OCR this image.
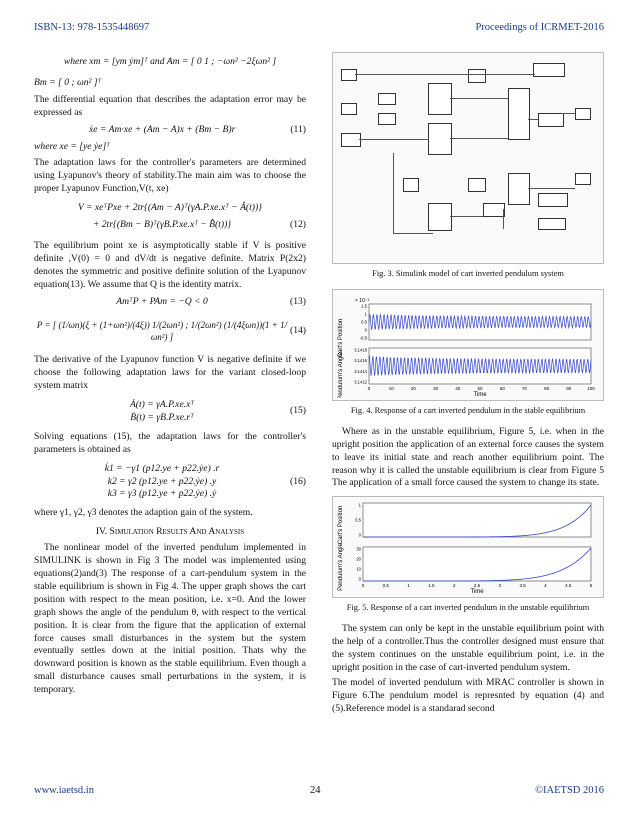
ISBN-13: 978-1535448697	Proceedings of ICRMET-2016
where xm = [ym ẏm]ᵀ and Am = [ 0 1 ; −ωn² −2ξωn² ]
Bm = [ 0 ; ωn² ]ᵀ

The differential equation that describes the adaptation error may be expressed as

ẋe = Am·xe + (Am − A)x + (Bm − B)r	(11)
where xe = [ye ẏe]ᵀ

The adaptation laws for the controller's parameters are determined using Lyapunov's theory of stability.The main aim was to choose the proper Lyapunov Function,V(t, xe)

V = xeᵀPxe + 2tr{(Am − A)ᵀ(γA.P.xe.xᵀ − Â(t))}
+ 2tr{(Bm − B)ᵀ(γB.P.xe.xᵀ − B̂(t))}	(12)

The equilibrium point xe is asymptotically stable if V is positive definite ,V(0) = 0 and dV/dt is negative definite. Matrix P(2x2) denotes the symmetric and positive definite solution of the Lyapunov equation(13). We assume that Q is the identity matrix.

AmᵀP + PAm = −Q < 0	(13)
P = [ (1/ωn)(ξ + (1+ωn²)/(4ξ)) 1/(2ωn²) ; 1/(2ωn²) (1/(4ξωn))(1 + 1/ωn²) ]
(14)

The derivative of the Lyapunov function V is negative definite if we choose the following adaptation laws for the variant closed-loop system matrix

Ȧ(t) = γA.P.xe.xᵀ
Ḃ(t) = γB.P.xe.rᵀ
(15)

Solving equations (15), the adaptation laws for the controller's parameters is obtained as

k̇1 = −γ1 (p12.ye + p22.ẏe) .r
k2 = γ2 (p12.ye + p22.ẏe) .y
k3 = γ3 (p12.ye + p22.ẏe) .ẏ
(16)

where γ1, γ2, γ3 denotes the adaption gain of the system.

IV. Simulation Results And Analysis

The nonlinear model of the inverted pendulum implemented in SIMULINK is shown in Fig 3 The model was implemented using equations(2)and(3) The response of a cart-pendulum system in the stable equilibrium is shown in Fig 4. The upper graph shows the cart position with respect to the mean position, i.e. x=0. And the lower graph shows the angle of the pendulum θ, with respect to the vertical position. It is clear from the figure that the application of external force causes small disturbances in the system but the system eventually settles down at the initial position. Thats why the downward position is known as the stable equilibrium. Even though a small disturbance causes small perturbations in the system, it is temporary.

Fig. 3. Simulink model of cart inverted pendulum system
Cart's Position
Pendulum's Angle
× 10⁻³
0	10	20	30	40	50	60	70	80	90	100
1.5
1
0.5
0
-0.5
3.1418
3.1416
3.1414
3.1412
Time
Fig. 4. Response of a cart inverted pendulum in the stable equilibrium

Where as in the unstable equilibrium, Figure 5, i.e. when in the upright position the application of an external force causes the system to leave its initial state and reach another equilibrium point. The reason why it is called the unstable equilibrium is clear from Figure 5 The application of a small force caused the system to change its state.

Cart's Position
Pendulum's Angle	0	0.5	1	1.5	2	2.5	3	3.5	4	4.5	5
1
0.5
0
30
20
10
0
Time
Fig. 5. Response of a cart inverted pendulum in the unstable equilibrium

The system can only be kept in the unstable equilibrium point with the help of a controller.Thus the controller designed must ensure that the system continues on the unstable equilibrium point, i.e. in the upright position in the case of cart-inverted pendulum system.

The model of inverted pendulum with MRAC controller is shown in Figure 6.The pendulum model is represnted by equation (4) and (5).Reference model is a standarad second

www.iaetsd.in	24	©IAETSD 2016
